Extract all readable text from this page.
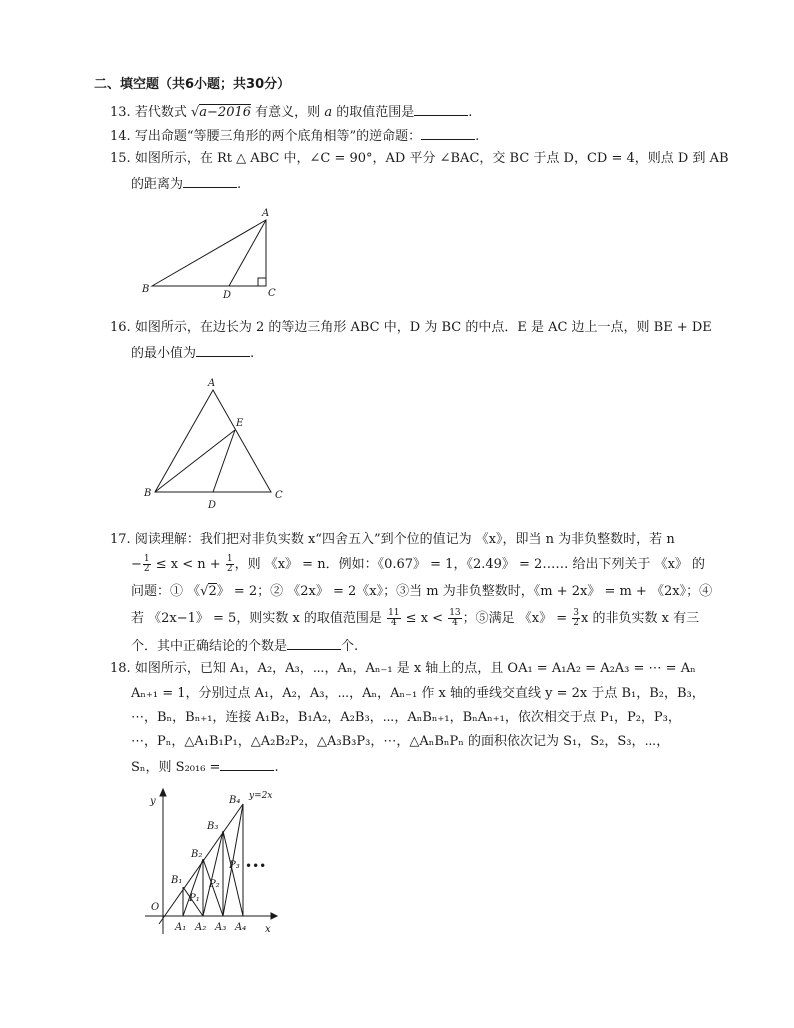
二、填空题（共6小题；共30分）
13. 若代数式 √a−2016 有意义，则 a 的取值范围是	.
14. 写出命题“等腰三角形的两个底角相等”的逆命题：	.
15. 如图所示，在 Rt △ ABC 中，∠C = 90°，AD 平分 ∠BAC，交 BC 于点 D，CD = 4，则点 D 到 AB
的距离为	.
A
B	C
D
16. 如图所示，在边长为 2 的等边三角形 ABC 中，D 为 BC 的中点．E 是 AC 边上一点，则 BE + DE
的最小值为	.
A
B	C
D
E
17. 阅读理解：我们把对非负实数 x“四舍五入”到个位的值记为 《x》，即当 n 为非负整数时，若 n
− $\frac{1}{2} \le x < n + \frac{1}{2}$ ，则 《x》 = n．例如：《0.67》 = 1，《2.49》 = 2…… 给出下列关于 《x》 的
问题：① 《√2》 = 2；② 《2x》 = 2《x》；③当 m 为非负整数时，《m + 2x》 = m + 《2x》；④
若 《2x−1》 = 5，则实数 x 的取值范围是 $\frac{11}{4} \le x < \frac{13}{4}$ ；⑤满足 《x》 = $\frac{3}{2}$ x 的非负实数 x 有三
个．其中正确结论的个数是	个.
18. 如图所示，已知 A₁，A₂，A₃，⋯，Aₙ，Aₙ₋₁ 是 x 轴上的点，且 OA₁ = A₁A₂ = A₂A₃ = ⋯ = Aₙ
Aₙ₊₁ = 1，分别过点 A₁，A₂，A₃，⋯，Aₙ，Aₙ₋₁ 作 x 轴的垂线交直线 y = 2x 于点 B₁，B₂，B₃，
⋯，Bₙ，Bₙ₊₁，连接 A₁B₂，B₁A₂，A₂B₃，⋯，AₙBₙ₊₁，BₙAₙ₊₁，依次相交于点 P₁，P₂，P₃，
⋯，Pₙ，△A₁B₁P₁，△A₂B₂P₂，△A₃B₃P₃，⋯，△AₙBₙPₙ 的面积依次记为 S₁，S₂，S₃，⋯，
Sₙ，则 S₂₀₁₆ =	.
y
x
O
y=2x
A₁ A₂ A₃ A₄
B₁
B₂
B₃
B₄
P₁
P₂
P₃ •••
